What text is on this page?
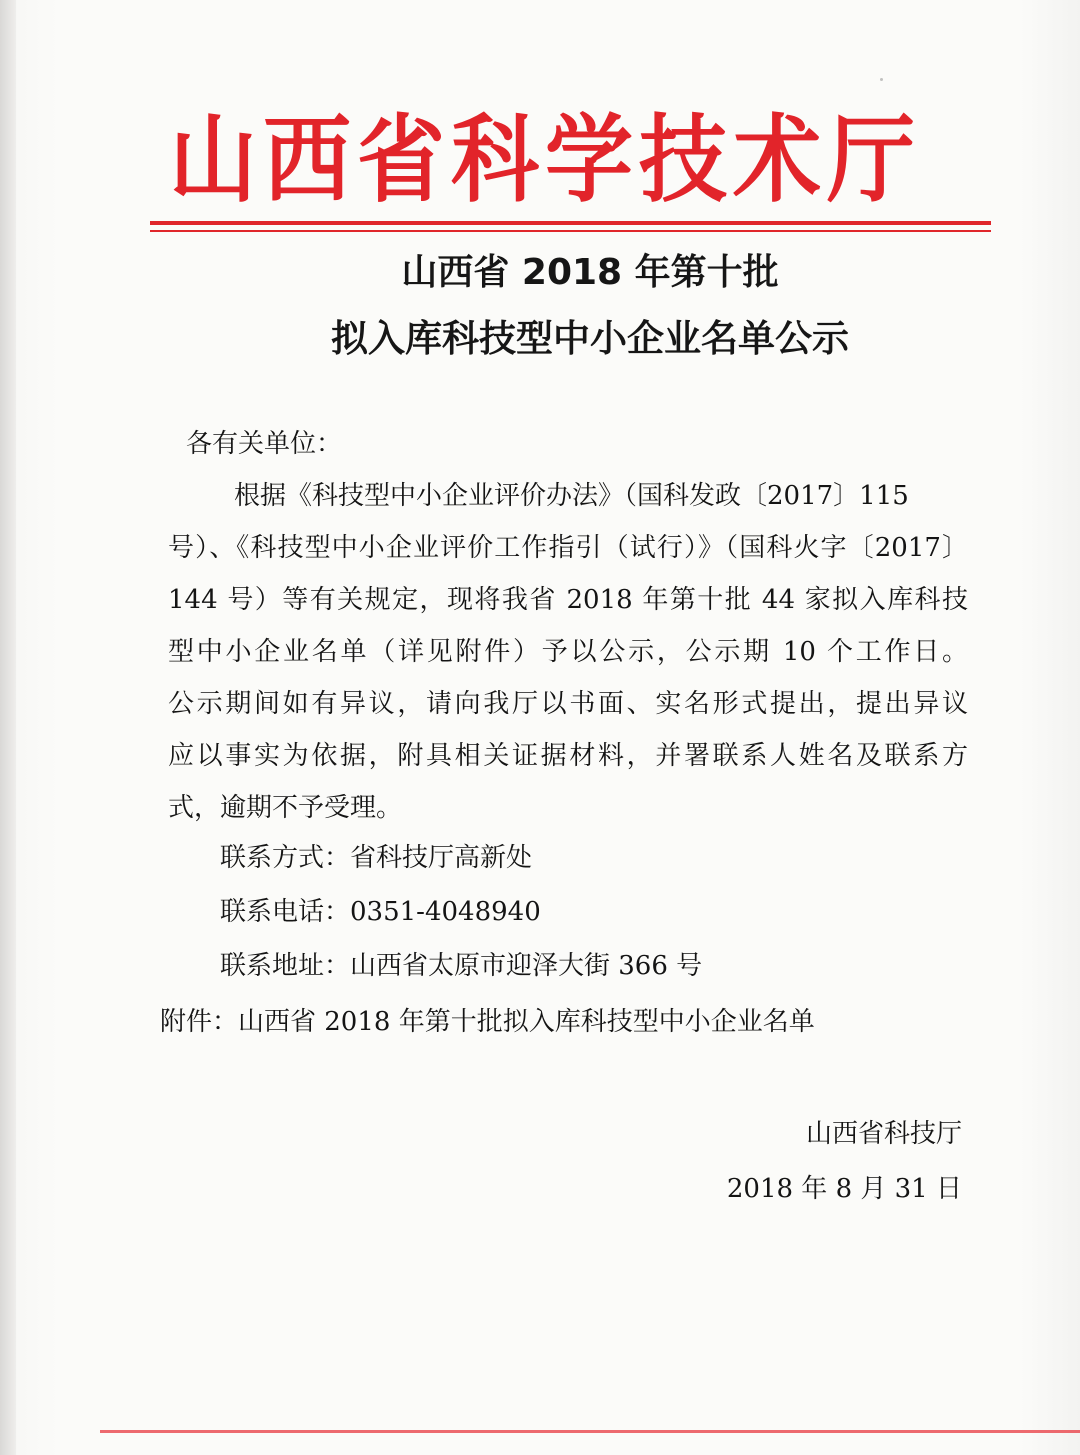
山西省科学技术厅
山西省 2018 年第十批
拟入库科技型中小企业名单公示
各有关单位：
根据《科技型中小企业评价办法》（国科发政〔2017〕115
号）、《科技型中小企业评价工作指引（试行）》（国科火字〔2017〕
144 号）等有关规定，现将我省 2018 年第十批 44 家拟入库科技
型中小企业名单（详见附件）予以公示，公示期 10 个工作日。
公示期间如有异议，请向我厅以书面、实名形式提出，提出异议
应以事实为依据，附具相关证据材料，并署联系人姓名及联系方
式，逾期不予受理。
联系方式：省科技厅高新处
联系电话：0351-4048940
联系地址：山西省太原市迎泽大街 366 号
附件：山西省 2018 年第十批拟入库科技型中小企业名单
山西省科技厅
2018 年 8 月 31 日
